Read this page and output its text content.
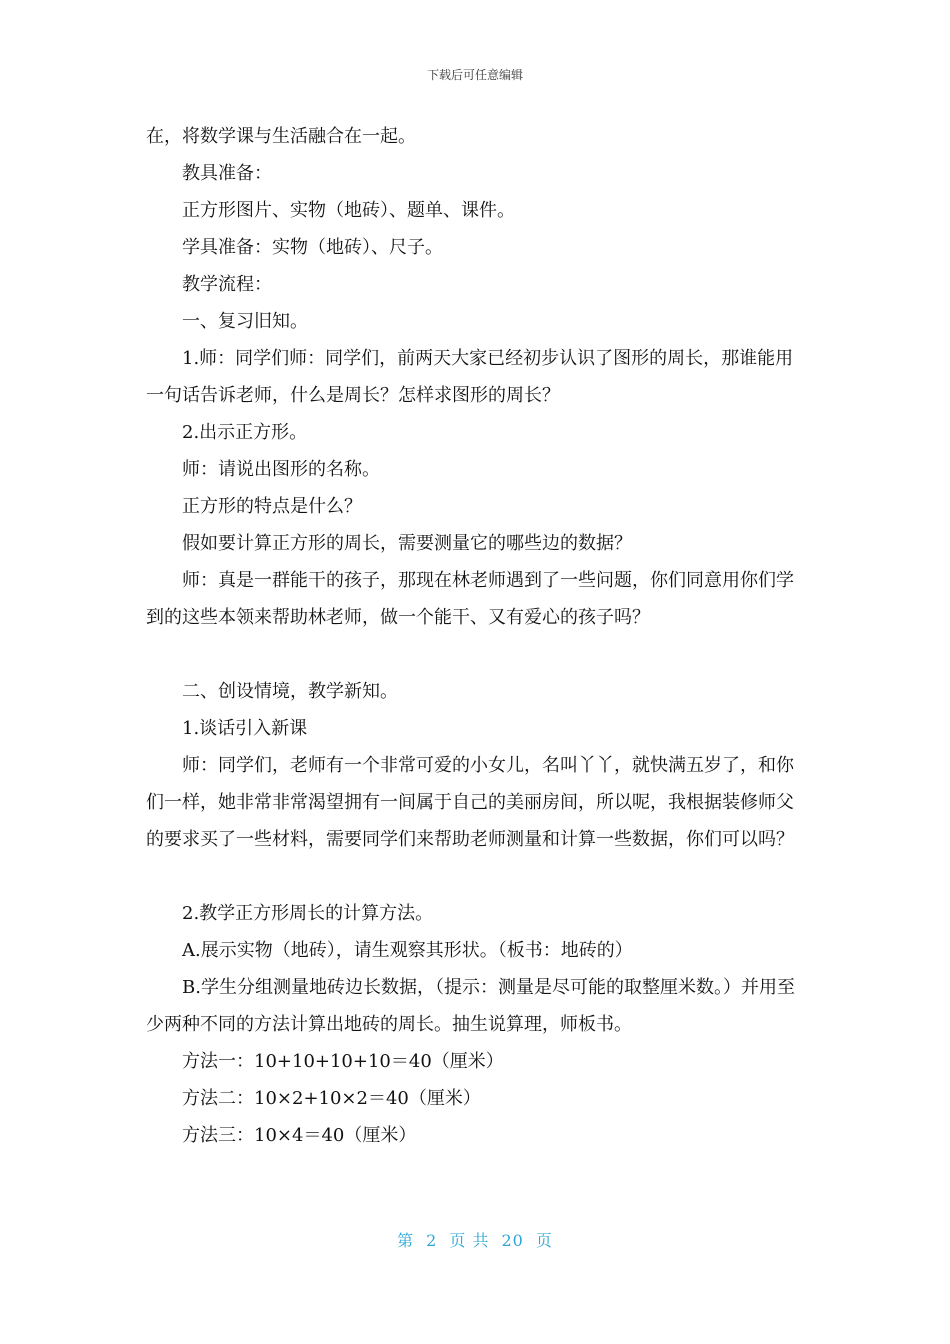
下载后可任意编辑

在，将数学课与生活融合在一起。

教具准备：

正方形图片、实物（地砖）、题单、课件。

学具准备：实物（地砖）、尺子。

教学流程：

一、复习旧知。

1.师：同学们师：同学们，前两天大家已经初步认识了图形的周长，那谁能用一句话告诉老师，什么是周长？怎样求图形的周长？

2.出示正方形。

师：请说出图形的名称。

正方形的特点是什么？

假如要计算正方形的周长，需要测量它的哪些边的数据？

师：真是一群能干的孩子，那现在林老师遇到了一些问题，你们同意用你们学到的这些本领来帮助林老师，做一个能干、又有爱心的孩子吗？

二、创设情境，教学新知。

1.谈话引入新课

师：同学们，老师有一个非常可爱的小女儿，名叫丫丫，就快满五岁了，和你们一样，她非常非常渴望拥有一间属于自己的美丽房间，所以呢，我根据装修师父的要求买了一些材料，需要同学们来帮助老师测量和计算一些数据，你们可以吗？

2.教学正方形周长的计算方法。

A.展示实物（地砖），请生观察其形状。（板书：地砖的）

B.学生分组测量地砖边长数据，（提示：测量是尽可能的取整厘米数。）并用至少两种不同的方法计算出地砖的周长。抽生说算理，师板书。

方法一：10+10+10+10＝40（厘米）

方法二：10×2+10×2＝40（厘米）

方法三：10×4＝40（厘米）

第 2 页 共 20 页
